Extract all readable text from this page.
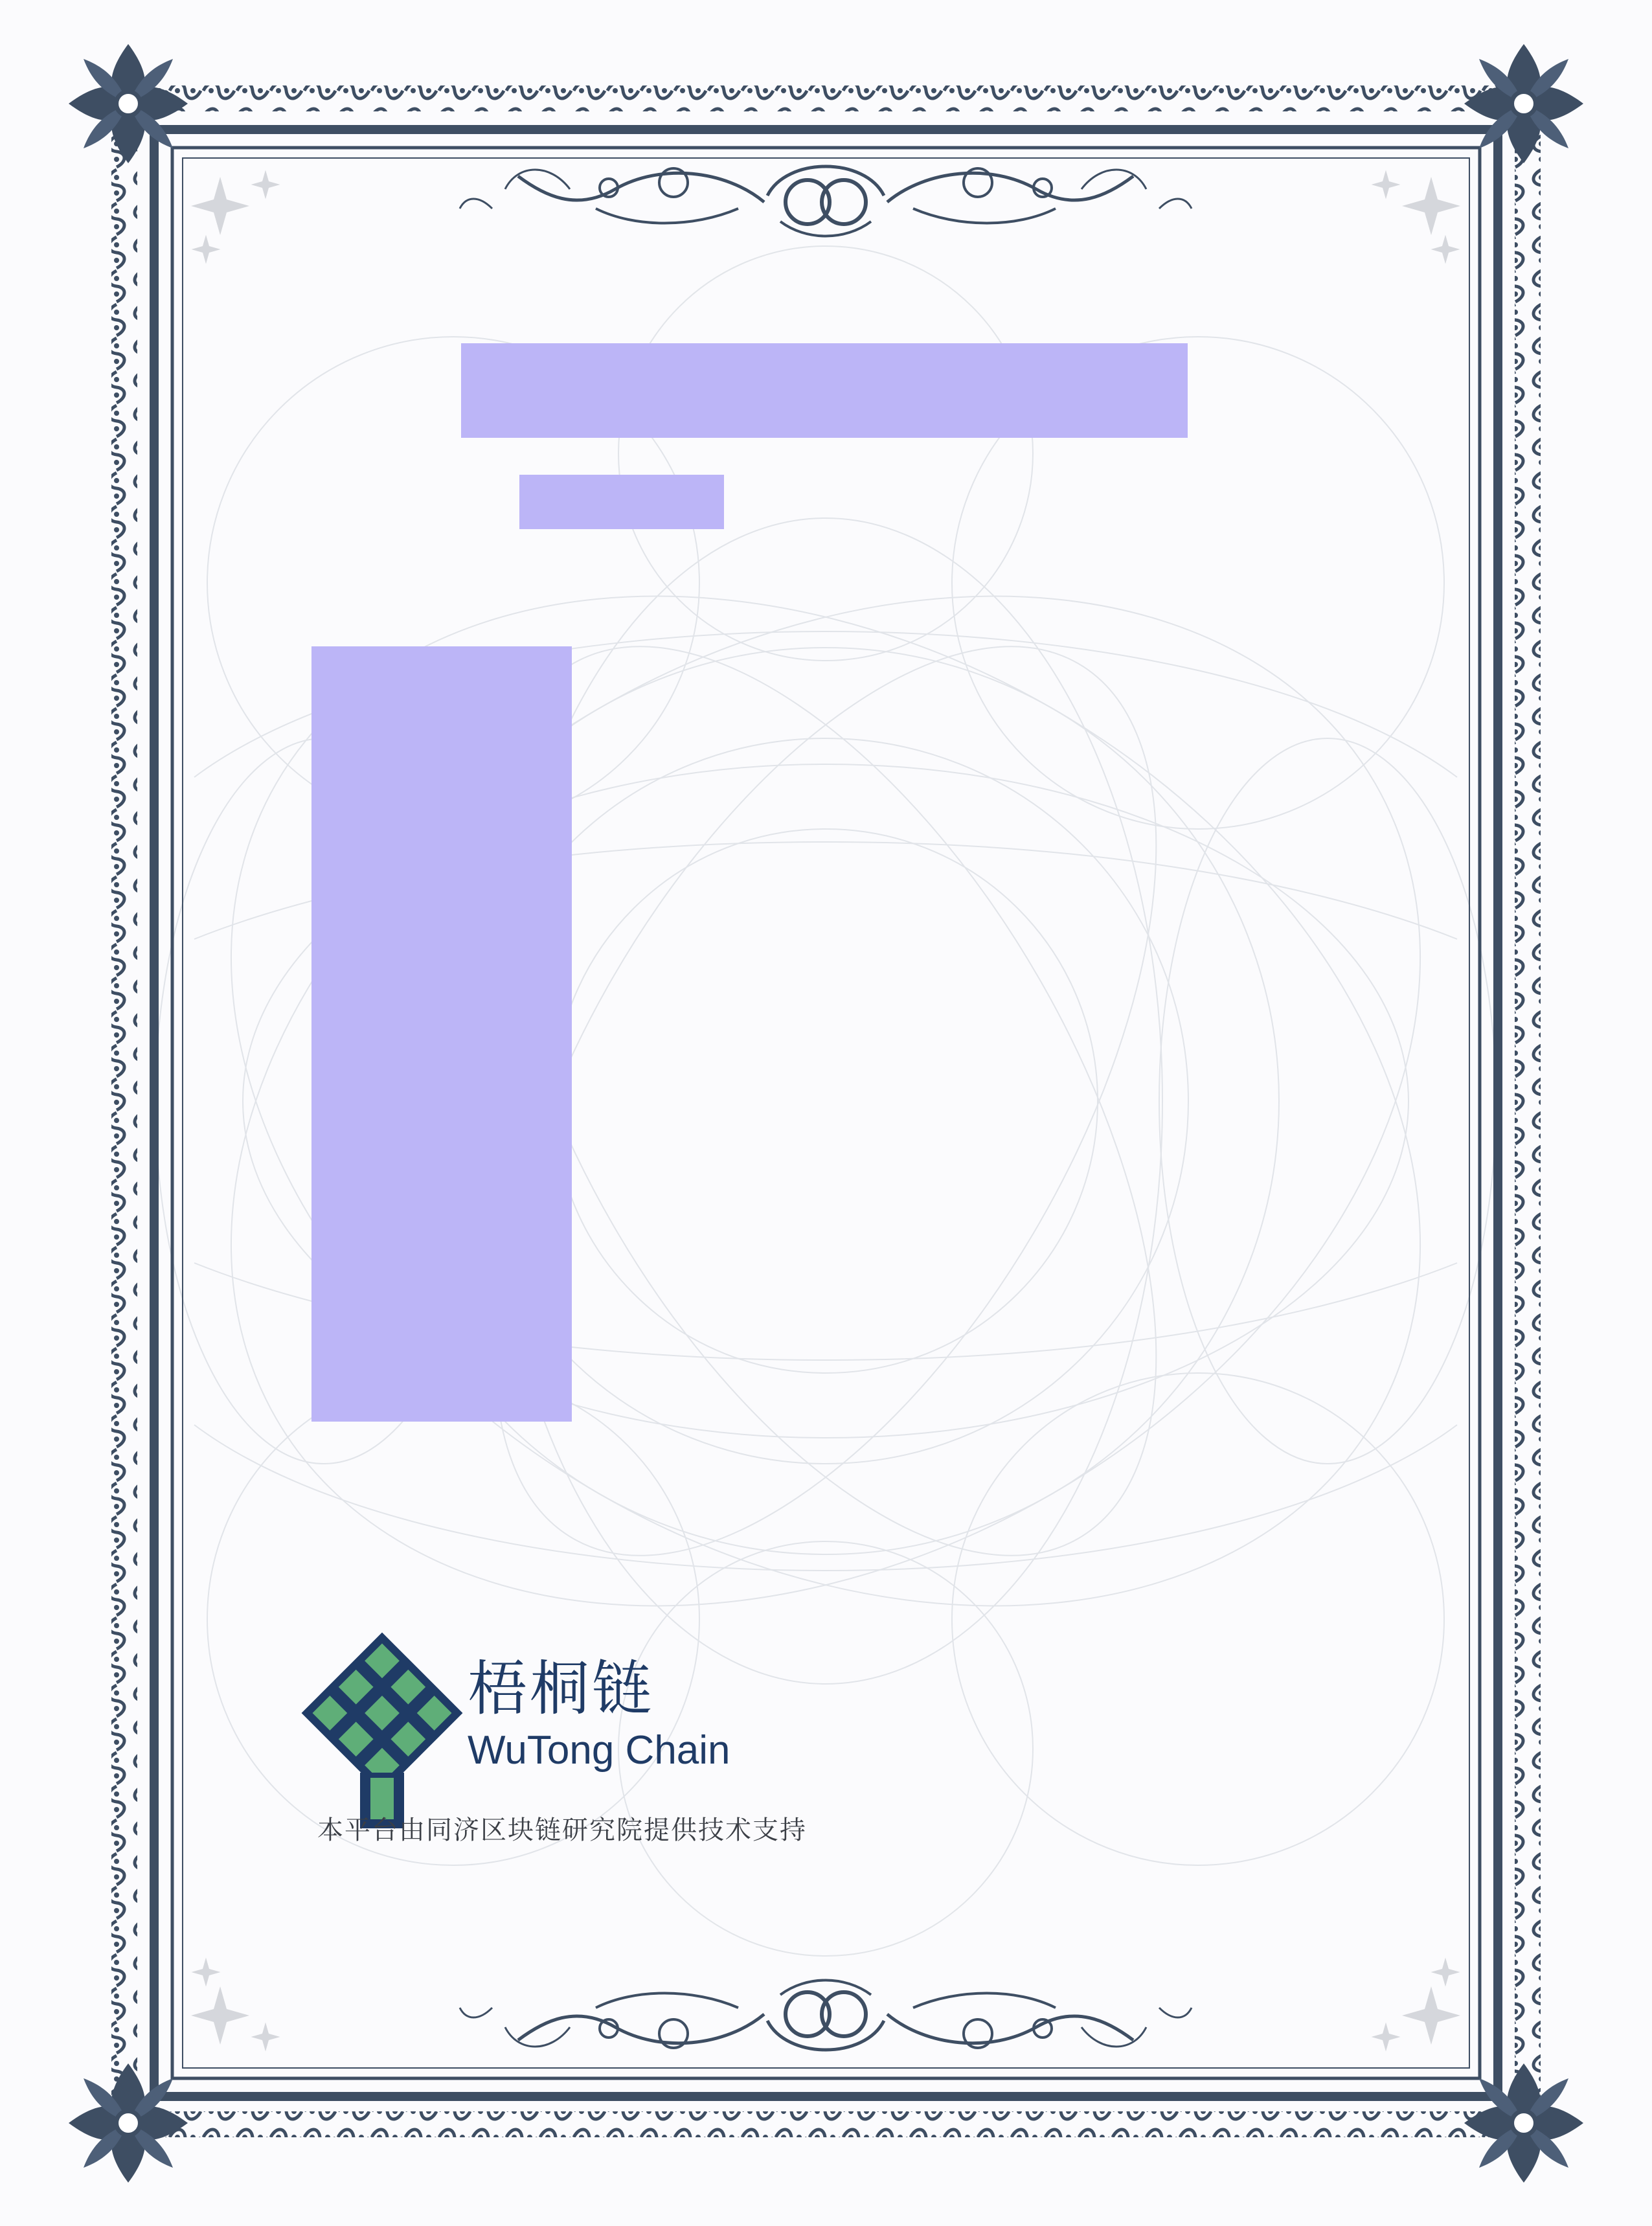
梧桐链
WuTong Chain
本平台由同济区块链研究院提供技术支持
